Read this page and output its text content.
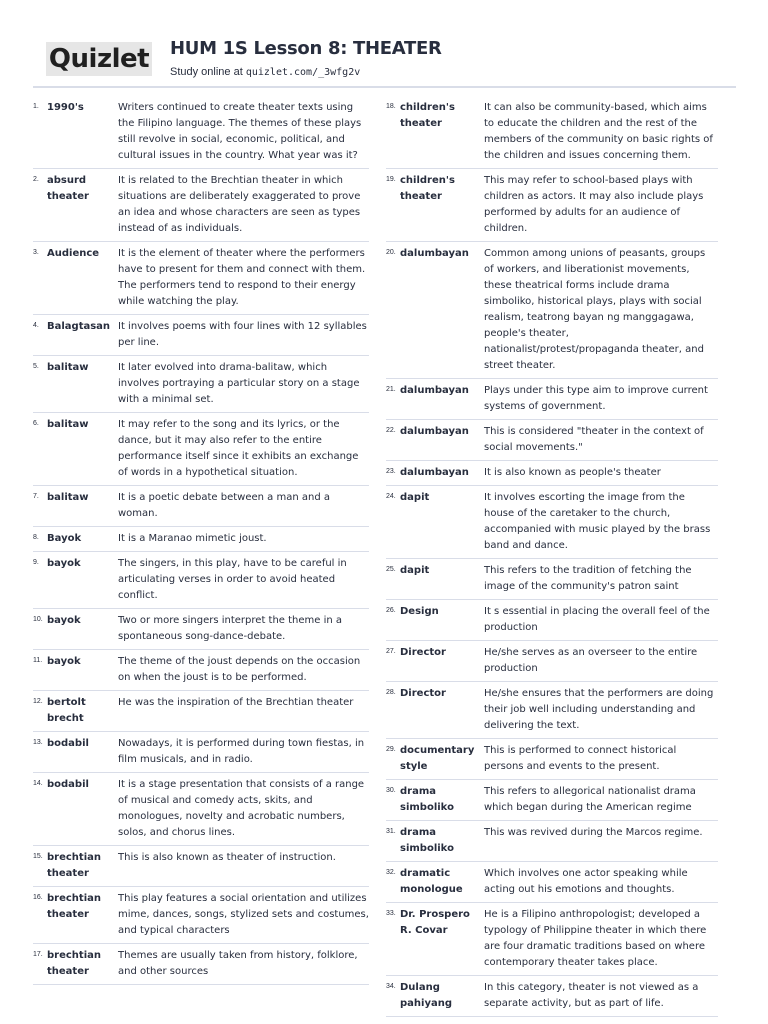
Quizlet HUM 1S Lesson 8: THEATER
Study online at quizlet.com/_3wfg2v
1. 1990's	Writers continued to create theater texts using the Filipino language. The themes of these plays still revolve in social, economic, political, and cultural issues in the country. What year was it?
2. absurd theater
It is related to the Brechtian theater in which situations are deliberately exaggerated to prove an idea and whose characters are seen as types instead of as individuals.
3. Audience	It is the element of theater where the performers have to present for them and connect with them. The performers tend to respond to their energy while watching the play.
4. Balagtasan It involves poems with four lines with 12 syllables per line.
5. balitaw	It later evolved into drama-balitaw, which involves portraying a particular story on a stage with a minimal set.
6. balitaw	It may refer to the song and its lyrics, or the dance, but it may also refer to the entire performance itself since it exhibits an exchange of words in a hypothetical situation.
7. balitaw	It is a poetic debate between a man and a woman.
8. Bayok	It is a Maranao mimetic joust.
9. bayok	The singers, in this play, have to be careful in articulating verses in order to avoid heated conflict.
10. bayok	Two or more singers interpret the theme in a spontaneous song-dance-debate.
11. bayok	The theme of the joust depends on the occasion on when the joust is to be performed.
12. bertolt brecht
He was the inspiration of the Brechtian theater
13. bodabil	Nowadays, it is performed during town fiestas, in film musicals, and in radio.
14. bodabil	It is a stage presentation that consists of a range of musical and comedy acts, skits, and monologues, novelty and acrobatic numbers, solos, and chorus lines.
15. brechtian theater
This is also known as theater of instruction.
16. brechtian theater
This play features a social orientation and utilizes mime, dances, songs, stylized sets and costumes, and typical characters
17. brechtian theater
Themes are usually taken from history, folklore, and other sources
18. children's theater
It can also be community-based, which aims to educate the children and the rest of the members of the community on basic rights of the children and issues concerning them.
19. children's theater
This may refer to school-based plays with children as actors. It may also include plays performed by adults for an audience of children.
20. dalumbayan	Common among unions of peasants, groups of workers, and liberationist movements, these theatrical forms include drama simboliko, historical plays, plays with social realism, teatrong bayan ng manggagawa, people's theater, nationalist/protest/propaganda theater, and street theater.
21. dalumbayan	Plays under this type aim to improve current systems of government.
22. dalumbayan	This is considered "theater in the context of social movements."
23. dalumbayan	It is also known as people's theater
24. dapit	It involves escorting the image from the house of the caretaker to the church, accompanied with music played by the brass band and dance.
25. dapit	This refers to the tradition of fetching the image of the community's patron saint
26. Design	It s essential in placing the overall feel of the production
27. Director	He/she serves as an overseer to the entire production
28. Director	He/she ensures that the performers are doing their job well including understanding and delivering the text.
29. documentary style
This is performed to connect historical persons and events to the present.
30. drama simboliko
This refers to allegorical nationalist drama which began during the American regime
31. drama simboliko
This was revived during the Marcos regime.
32. dramatic monologue
Which involves one actor speaking while acting out his emotions and thoughts.
33. Dr. Prospero R. Covar
He is a Filipino anthropologist; developed a typology of Philippine theater in which there are four dramatic traditions based on where contemporary theater takes place.
34. Dulang pahiyang
In this category, theater is not viewed as a separate activity, but as part of life.
